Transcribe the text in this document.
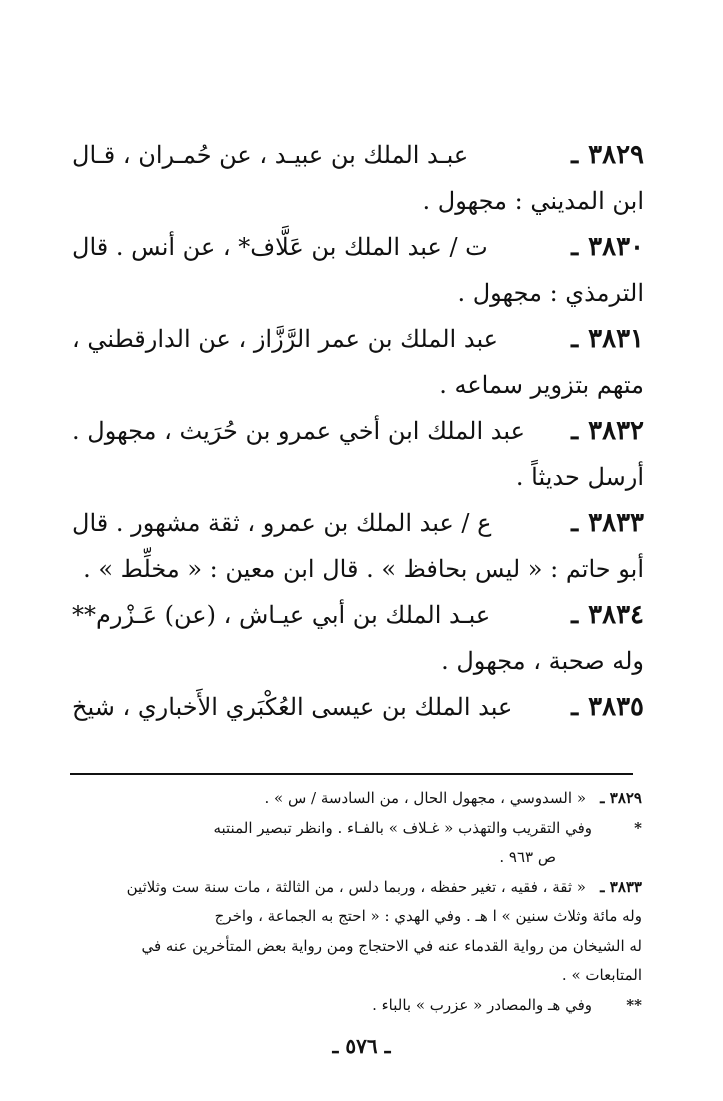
٣٨٢٩ـ
عبـد الملك بن عبيـد ، عن حُمـران ، قـال
ابن المديني : مجهول .
٣٨٣٠ـ
ت / عبد الملك بن عَلَّاف* ، عن أنس . قال
الترمذي : مجهول .
٣٨٣١ـ
عبد الملك بن عمر الرَّزَّاز ، عن الدارقطني ،
متهم بتزوير سماعه .
٣٨٣٢ـ
عبد الملك ابن أخي عمرو بن حُرَيث ، مجهول .
أرسل حديثاً .
٣٨٣٣ـ
ع / عبد الملك بن عمرو ، ثقة مشهور . قال
أبو حاتم : « ليس بحافظ » . قال ابن معين : « مخلِّط » .
٣٨٣٤ـ
عبـد الملك بن أبي عيـاش ، (عن) عَـزْرم**
وله صحبة ، مجهول .
٣٨٣٥ـ
عبد الملك بن عيسى العُكْبَري الأَخباري ، شيخ
٣٨٢٩ ـ« السدوسي ، مجهول الحال ، من السادسة / س » .
*وفي التقريب والتهذب « غـلاف » بالفـاء . وانظر تبصير المنتبه
ص ٩٦٣ .
٣٨٣٣ ـ« ثقة ، فقيه ، تغير حفظه ، وربما دلس ، من الثالثة ، مات سنة ست وثلاثين
وله مائة وثلاث سنين » ا هـ . وفي الهدي : « احتج به الجماعة ، واخرج
له الشيخان من رواية القدماء عنه في الاحتجاج ومن رواية بعض المتأخرين عنه في
المتابعات » .
**وفي هـ والمصادر « عزرب » بالباء .
ـ ٥٧٦ ـ
